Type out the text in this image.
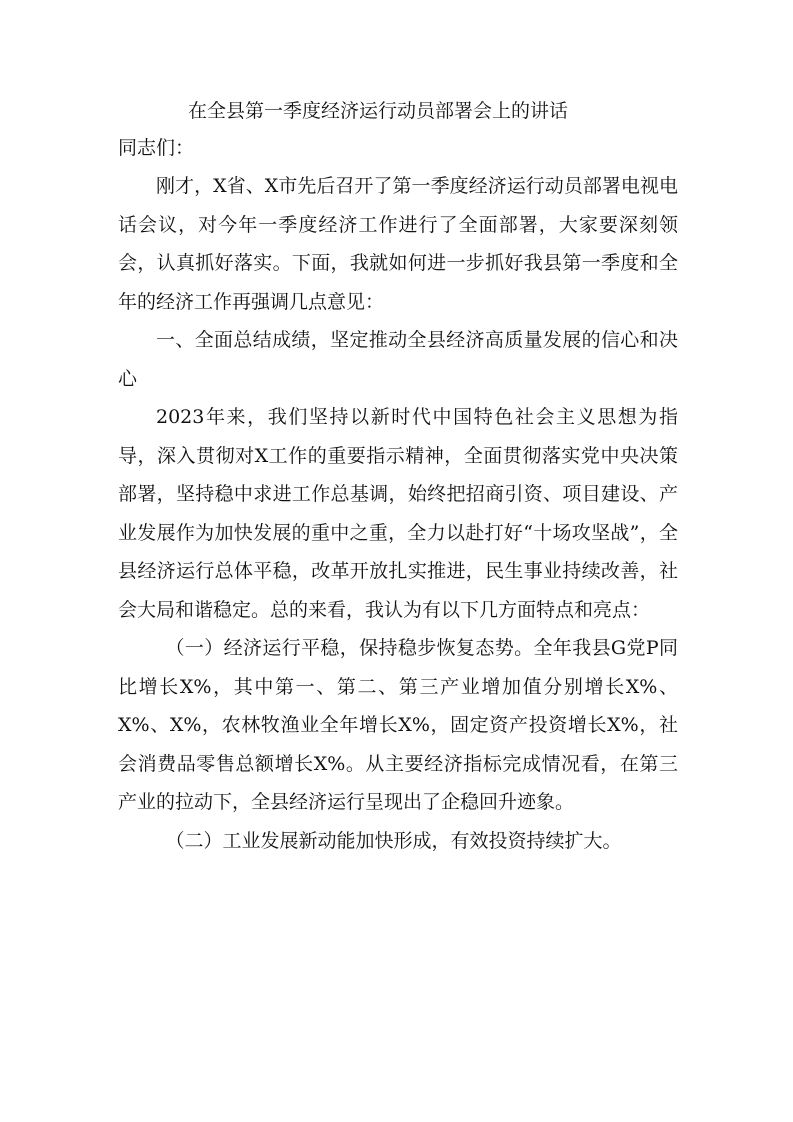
在全县第一季度经济运行动员部署会上的讲话

同志们：

刚才，X省、X市先后召开了第一季度经济运行动员部署电视电话会议，对今年一季度经济工作进行了全面部署，大家要深刻领会，认真抓好落实。下面，我就如何进一步抓好我县第一季度和全年的经济工作再强调几点意见：

一、全面总结成绩，坚定推动全县经济高质量发展的信心和决心

2023年来，我们坚持以新时代中国特色社会主义思想为指导，深入贯彻对X工作的重要指示精神，全面贯彻落实党中央决策部署，坚持稳中求进工作总基调，始终把招商引资、项目建设、产业发展作为加快发展的重中之重，全力以赴打好“十场攻坚战”，全县经济运行总体平稳，改革开放扎实推进，民生事业持续改善，社会大局和谐稳定。总的来看，我认为有以下几方面特点和亮点：

（一）经济运行平稳，保持稳步恢复态势。全年我县G党P同比增长X%，其中第一、第二、第三产业增加值分别增长X%、X%、X%，农林牧渔业全年增长X%，固定资产投资增长X%，社会消费品零售总额增长X%。从主要经济指标完成情况看，在第三产业的拉动下，全县经济运行呈现出了企稳回升迹象。

（二）工业发展新动能加快形成，有效投资持续扩大。
